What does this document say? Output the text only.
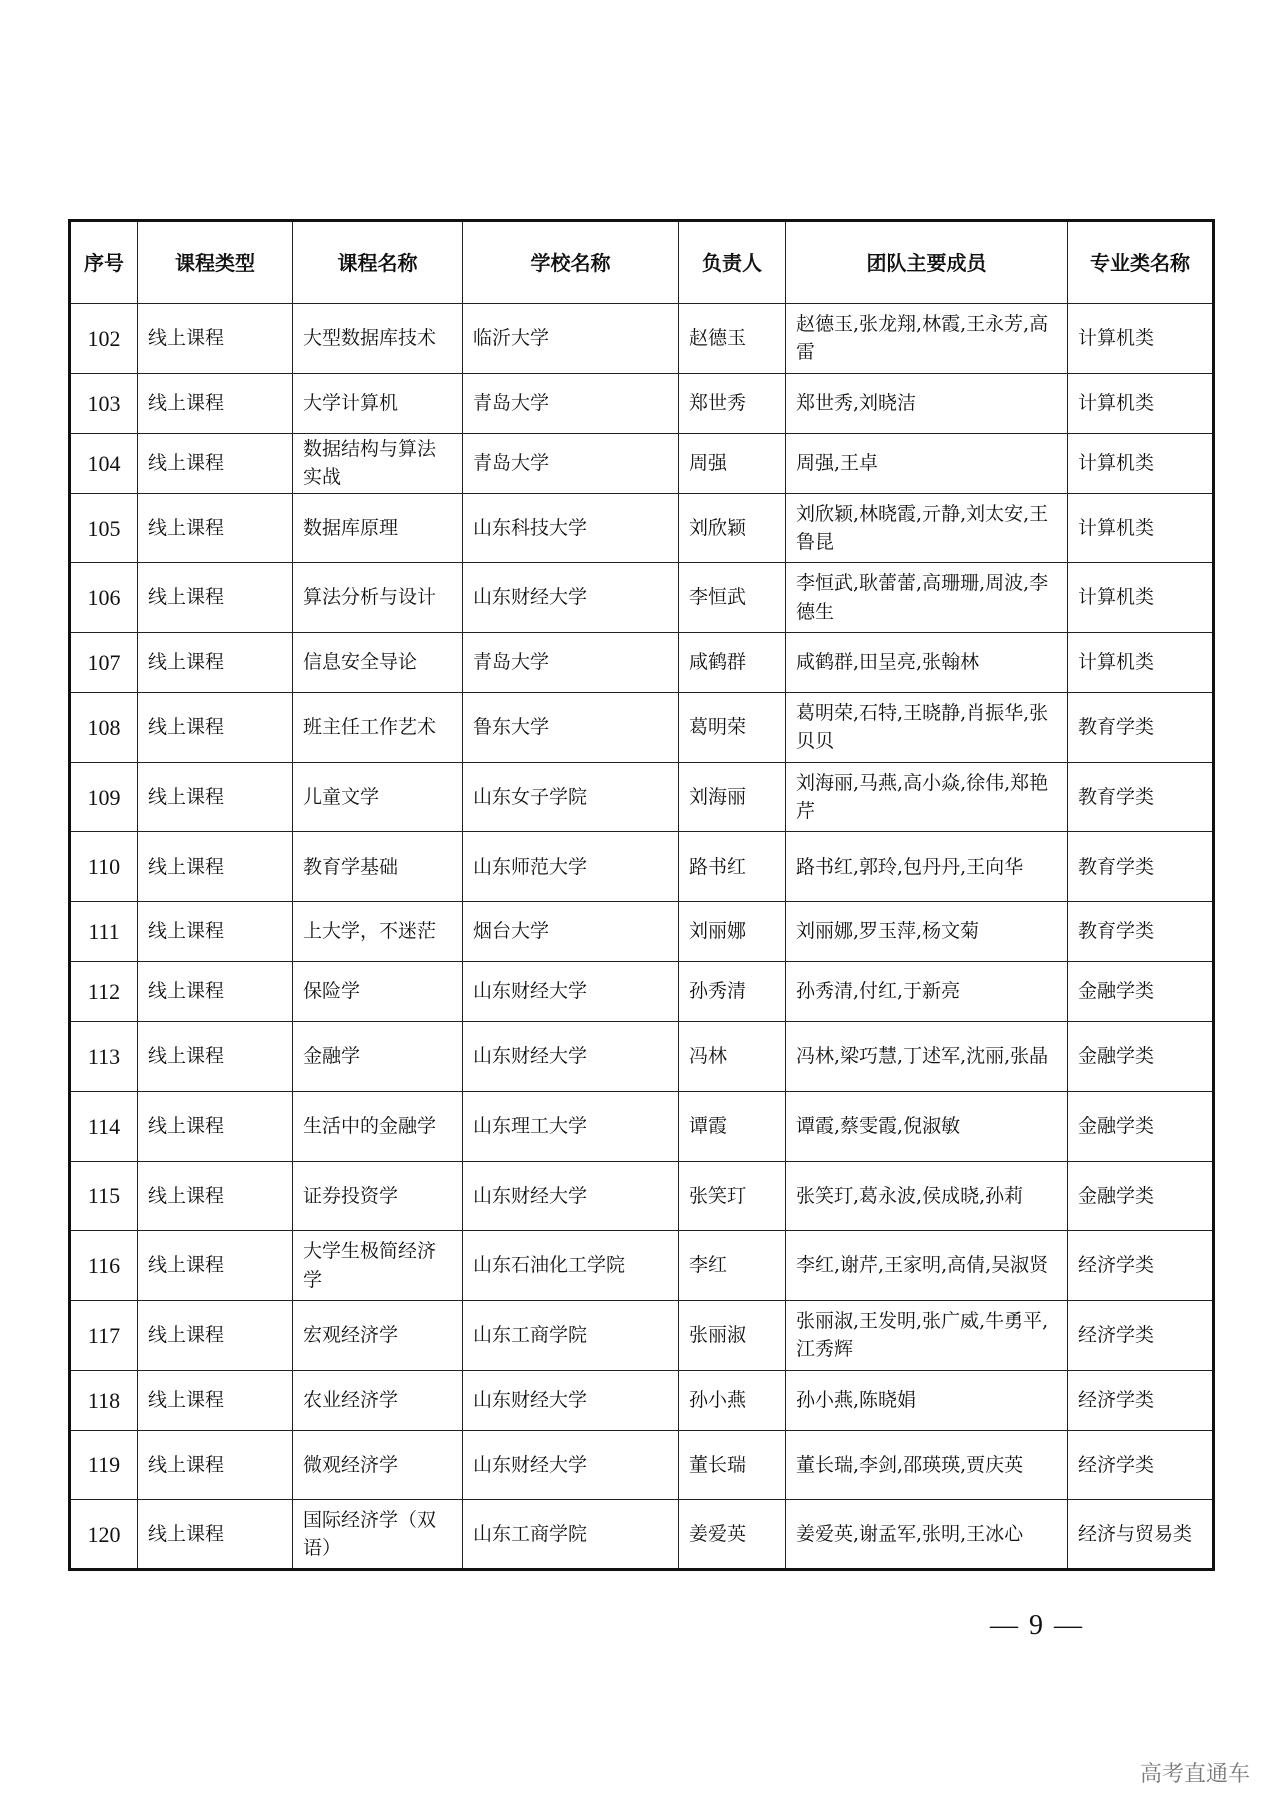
序号	课程类型	课程名称	学校名称	负责人	团队主要成员	专业类名称
102	线上课程	大型数据库技术	临沂大学	赵德玉	赵德玉,张龙翔,林霞,王永芳,高雷	计算机类
103	线上课程	大学计算机	青岛大学	郑世秀	郑世秀,刘晓洁	计算机类
104	线上课程	数据结构与算法实战	青岛大学	周强	周强,王卓	计算机类
105	线上课程	数据库原理	山东科技大学	刘欣颖	刘欣颖,林晓霞,亓静,刘太安,王鲁昆	计算机类
106	线上课程	算法分析与设计	山东财经大学	李恒武	李恒武,耿蕾蕾,高珊珊,周波,李德生	计算机类
107	线上课程	信息安全导论	青岛大学	咸鹤群	咸鹤群,田呈亮,张翰林	计算机类
108	线上课程	班主任工作艺术	鲁东大学	葛明荣	葛明荣,石特,王晓静,肖振华,张贝贝	教育学类
109	线上课程	儿童文学	山东女子学院	刘海丽	刘海丽,马燕,高小焱,徐伟,郑艳芹	教育学类
110	线上课程	教育学基础	山东师范大学	路书红	路书红,郭玲,包丹丹,王向华	教育学类
111	线上课程	上大学，不迷茫	烟台大学	刘丽娜	刘丽娜,罗玉萍,杨文菊	教育学类
112	线上课程	保险学	山东财经大学	孙秀清	孙秀清,付红,于新亮	金融学类
113	线上课程	金融学	山东财经大学	冯林	冯林,梁巧慧,丁述军,沈丽,张晶	金融学类
114	线上课程	生活中的金融学	山东理工大学	谭霞	谭霞,蔡雯霞,倪淑敏	金融学类
115	线上课程	证券投资学	山东财经大学	张笑玎	张笑玎,葛永波,侯成晓,孙莉	金融学类
116	线上课程	大学生极简经济学	山东石油化工学院	李红	李红,谢芹,王家明,高倩,吴淑贤	经济学类
117	线上课程	宏观经济学	山东工商学院	张丽淑	张丽淑,王发明,张广威,牛勇平,江秀辉	经济学类
118	线上课程	农业经济学	山东财经大学	孙小燕	孙小燕,陈晓娟	经济学类
119	线上课程	微观经济学	山东财经大学	董长瑞	董长瑞,李剑,邵瑛瑛,贾庆英	经济学类
120	线上课程	国际经济学（双语）	山东工商学院	姜爱英	姜爱英,谢孟军,张明,王冰心	经济与贸易类
— 9 —
高考直通车
